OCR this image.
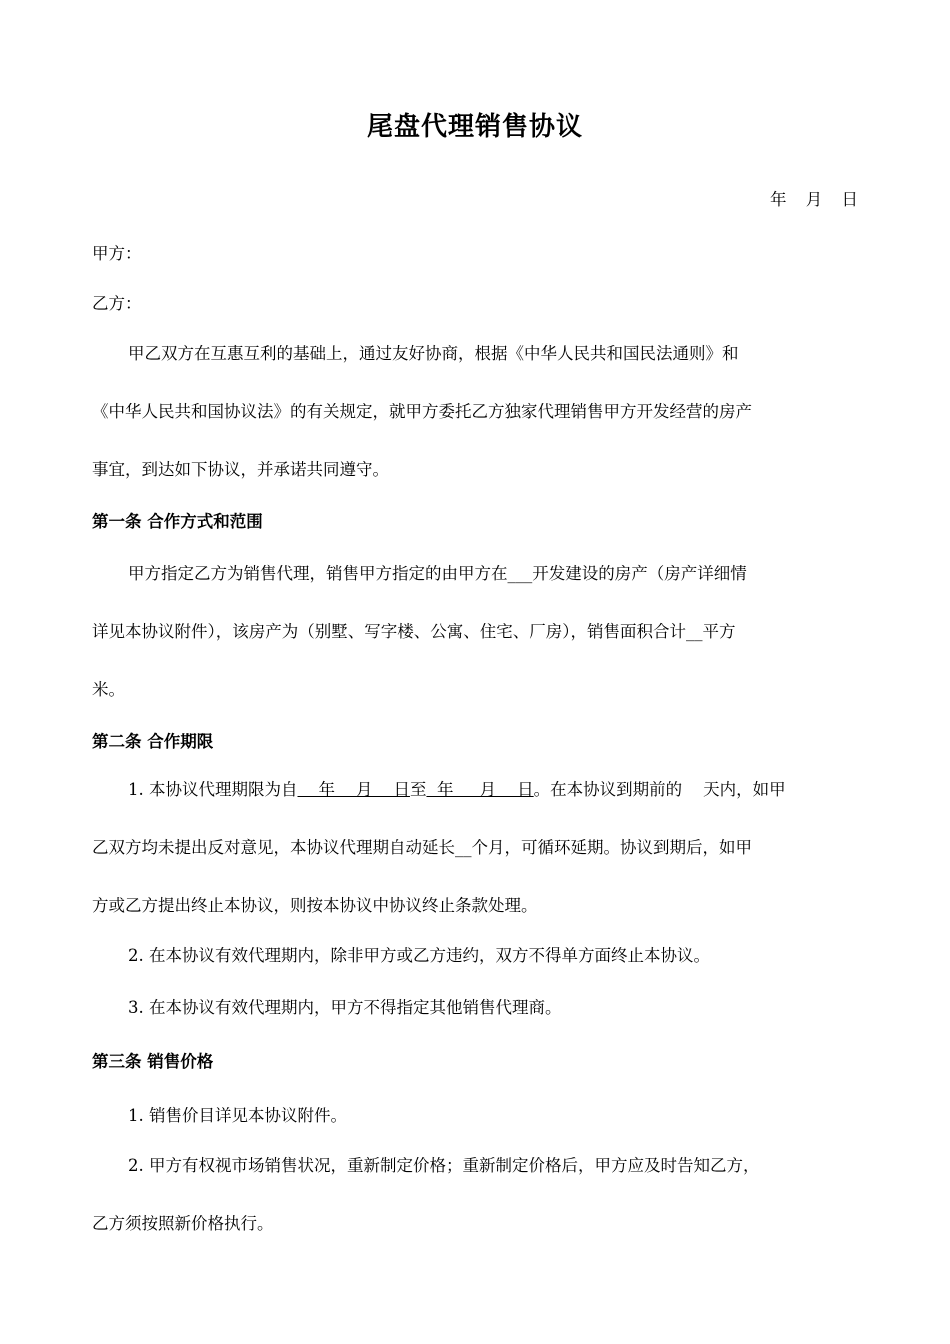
尾盘代理销售协议
年 月 日
甲方：
乙方：
甲乙双方在互惠互利的基础上，通过友好协商，根据《中华人民共和国民法通则》和
《中华人民共和国协议法》的有关规定，就甲方委托乙方独家代理销售甲方开发经营的房产
事宜，到达如下协议，并承诺共同遵守。
第一条 合作方式和范围
甲方指定乙方为销售代理，销售甲方指定的由甲方在___开发建设的房产（房产详细情
详见本协议附件），该房产为（别墅、写字楼、公寓、住宅、厂房），销售面积合计__平方
米。
第二条 合作期限
1. 本协议代理期限为自    年    月    日至  年     月    日。在本协议到期前的    天内，如甲
乙双方均未提出反对意见，本协议代理期自动延长__个月，可循环延期。协议到期后，如甲
方或乙方提出终止本协议，则按本协议中协议终止条款处理。
2. 在本协议有效代理期内，除非甲方或乙方违约，双方不得单方面终止本协议。
3. 在本协议有效代理期内，甲方不得指定其他销售代理商。
第三条 销售价格
1. 销售价目详见本协议附件。
2. 甲方有权视市场销售状况，重新制定价格；重新制定价格后，甲方应及时告知乙方，
乙方须按照新价格执行。
